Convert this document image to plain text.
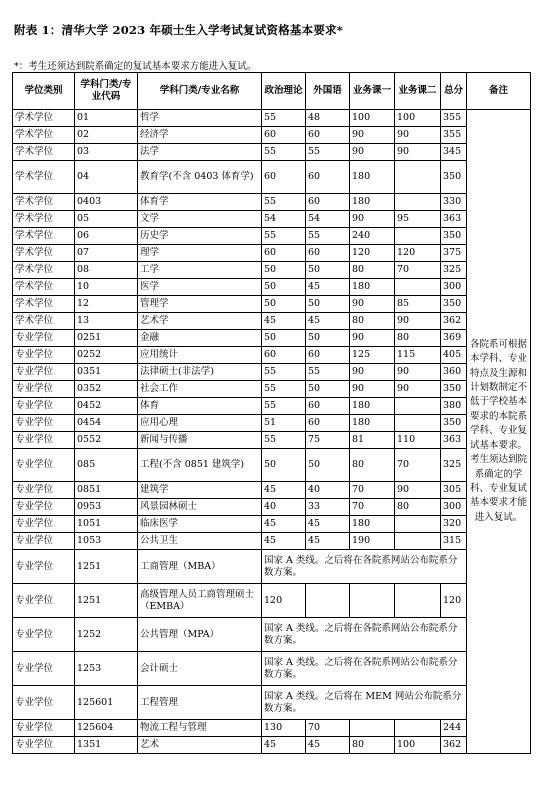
附表 1：清华大学 2023 年硕士生入学考试复试资格基本要求*
*：考生还须达到院系确定的复试基本要求方能进入复试。
学位类别	学科门类/专业代码	学科门类/专业名称	政治理论	外国语	业务课一	业务课二	总分	备注
学术学位	01	哲学	55	48	100	100	355	各院系可根据本学科、专业特点及生源和计划数制定不低于学校基本要求的本院系学科、专业复试基本要求。考生须达到院系确定的学科、专业复试基本要求才能进入复试。
学术学位	02	经济学	60	60	90	90	355	
学术学位	03	法学	55	55	90	90	345	
学术学位	04	教育学(不含 0403 体育学)	60	60	180		350	
学术学位	0403	体育学	55	60	180		330	
学术学位	05	文学	54	54	90	95	363	
学术学位	06	历史学	55	55	240		350	
学术学位	07	理学	60	60	120	120	375	
学术学位	08	工学	50	50	80	70	325	
学术学位	10	医学	50	45	180		300	
学术学位	12	管理学	50	50	90	85	350	
学术学位	13	艺术学	45	45	80	90	362	
专业学位	0251	金融	50	50	90	80	369	
专业学位	0252	应用统计	60	60	125	115	405	
专业学位	0351	法律硕士(非法学)	55	55	90	90	360	
专业学位	0352	社会工作	55	50	90	90	350	
专业学位	0452	体育	55	60	180		380	
专业学位	0454	应用心理	51	60	180		350	
专业学位	0552	新闻与传播	55	75	81	110	363	
专业学位	085	工程(不含 0851 建筑学)	50	50	80	70	325	
专业学位	0851	建筑学	45	40	70	90	305	
专业学位	0953	风景园林硕士	40	33	70	80	300	
专业学位	1051	临床医学	45	45	180		320	
专业学位	1053	公共卫生	45	45	190		315	
专业学位	1251	工商管理（MBA）	国家 A 类线。之后将在各院系网站公布院系分数方案。					
专业学位	1251	高级管理人员工商管理硕士（EMBA）	120				120	
专业学位	1252	公共管理（MPA）	国家 A 类线。之后将在各院系网站公布院系分数方案。					
专业学位	1253	会计硕士	国家 A 类线。之后将在各院系网站公布院系分数方案。					
专业学位	125601	工程管理	国家 A 类线。之后将在 MEM 网站公布院系分数方案。					
专业学位	125604	物流工程与管理	130	70			244	
专业学位	1351	艺术	45	45	80	100	362	
